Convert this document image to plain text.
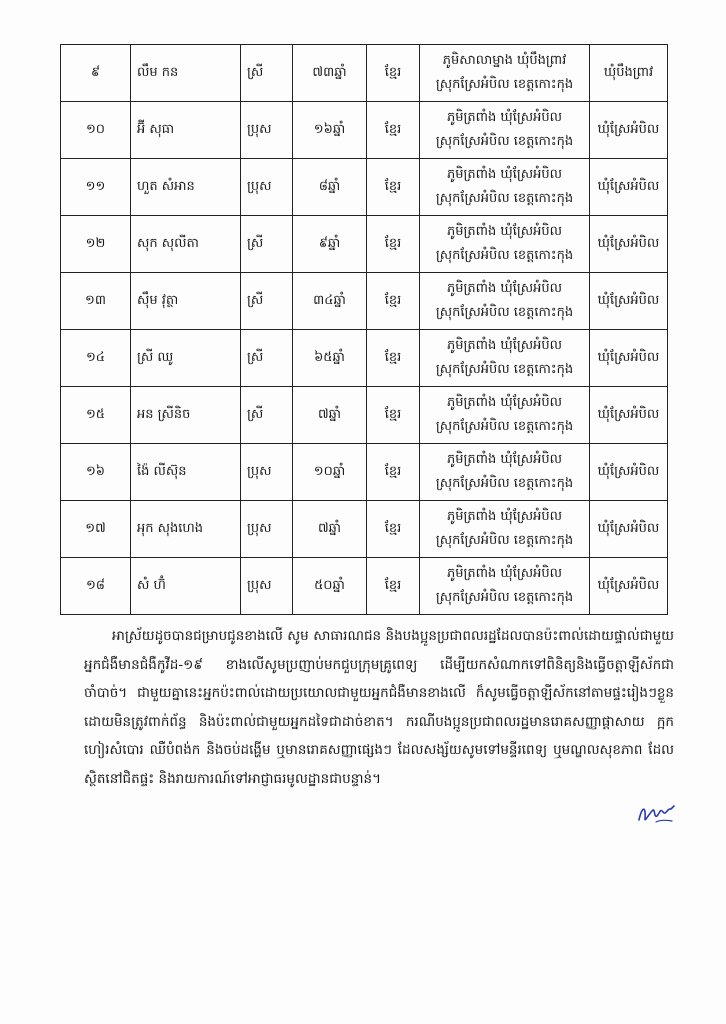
៩	លឹម កន	ស្រី	៧៣ឆ្នាំ	ខ្មែរ	ភូមិសាលាម្នាង ឃុំបឹងព្រាវ
ស្រុកស្រែអំបិល ខេត្តកោះកុង	ឃុំបឹងព្រាវ
១០	អ៊ី សុធា	ប្រុស	១៦ឆ្នាំ	ខ្មែរ	ភូមិត្រពាំង ឃុំស្រែអំបិល
ស្រុកស្រែអំបិល ខេត្តកោះកុង	ឃុំស្រែអំបិល
១១	ហួត សំអាន	ប្រុស	៨ឆ្នាំ	ខ្មែរ	ភូមិត្រពាំង ឃុំស្រែអំបិល
ស្រុកស្រែអំបិល ខេត្តកោះកុង	ឃុំស្រែអំបិល
១២	សុក សុលីតា	ស្រី	៩ឆ្នាំ	ខ្មែរ	ភូមិត្រពាំង ឃុំស្រែអំបិល
ស្រុកស្រែអំបិល ខេត្តកោះកុង	ឃុំស្រែអំបិល
១៣	ស៊ឹម វុត្ថា	ស្រី	៣៤ឆ្នាំ	ខ្មែរ	ភូមិត្រពាំង ឃុំស្រែអំបិល
ស្រុកស្រែអំបិល ខេត្តកោះកុង	ឃុំស្រែអំបិល
១៤	ស្រី ឈូ	ស្រី	៦៥ឆ្នាំ	ខ្មែរ	ភូមិត្រពាំង ឃុំស្រែអំបិល
ស្រុកស្រែអំបិល ខេត្តកោះកុង	ឃុំស្រែអំបិល
១៥	អន ស្រីនិច	ស្រី	៧ឆ្នាំ	ខ្មែរ	ភូមិត្រពាំង ឃុំស្រែអំបិល
ស្រុកស្រែអំបិល ខេត្តកោះកុង	ឃុំស្រែអំបិល
១៦	ង៉ៃ លីស៊ុន	ប្រុស	១០ឆ្នាំ	ខ្មែរ	ភូមិត្រពាំង ឃុំស្រែអំបិល
ស្រុកស្រែអំបិល ខេត្តកោះកុង	ឃុំស្រែអំបិល
១៧	អុក សុងហេង	ប្រុស	៧ឆ្នាំ	ខ្មែរ	ភូមិត្រពាំង ឃុំស្រែអំបិល
ស្រុកស្រែអំបិល ខេត្តកោះកុង	ឃុំស្រែអំបិល
១៨	សំ ហ៊ំ	ប្រុស	៥០ឆ្នាំ	ខ្មែរ	ភូមិត្រពាំង ឃុំស្រែអំបិល
ស្រុកស្រែអំបិល ខេត្តកោះកុង	ឃុំស្រែអំបិល

អាស្រ័យដូចបានជម្រាបជូនខាងលើ សូម សាធារណជន និងបងប្អូនប្រជាពលរដ្ឋដែលបានប៉ះពាល់ដោយផ្ទាល់ជាមួយអ្នកជំងឺមានជំងឺកូវីដ-១៩ ខាងលើសូមប្រញាប់មកជួបក្រុមគ្រូពេទ្យ ដើម្បីយកសំណាកទៅពិនិត្យនិងធ្វើចត្តាឡីស័កជាចាំបាច់។ ជាមួយគ្នានេះអ្នកប៉ះពាល់ដោយប្រយោលជាមួយអ្នកជំងឺមានខាងលើ ក៏សូមធ្វើចត្តាឡីស័កនៅតាមផ្ទះរៀងៗខ្លួន ដោយមិនត្រូវពាក់ព័ន្ធ និងប៉ះពាល់ជាមួយអ្នកដទៃជាដាច់ខាត។ ករណីបងប្អូនប្រជាពលរដ្ឋមានរោគសញ្ញាផ្តាសាយ ក្អក ហៀរសំបោរ ឈឺបំពង់ក និងចប់ដង្ហើម ឬមានរោគសញ្ញាផ្សេងៗ ដែលសង្ស័យសូមទៅមន្ទីរពេទ្យ ឬមណ្ឌលសុខភាព ដែលស្ថិតនៅជិតផ្ទះ និងរាយការណ៍ទៅអាជ្ញាធរមូលដ្ឋានជាបន្ទាន់។
